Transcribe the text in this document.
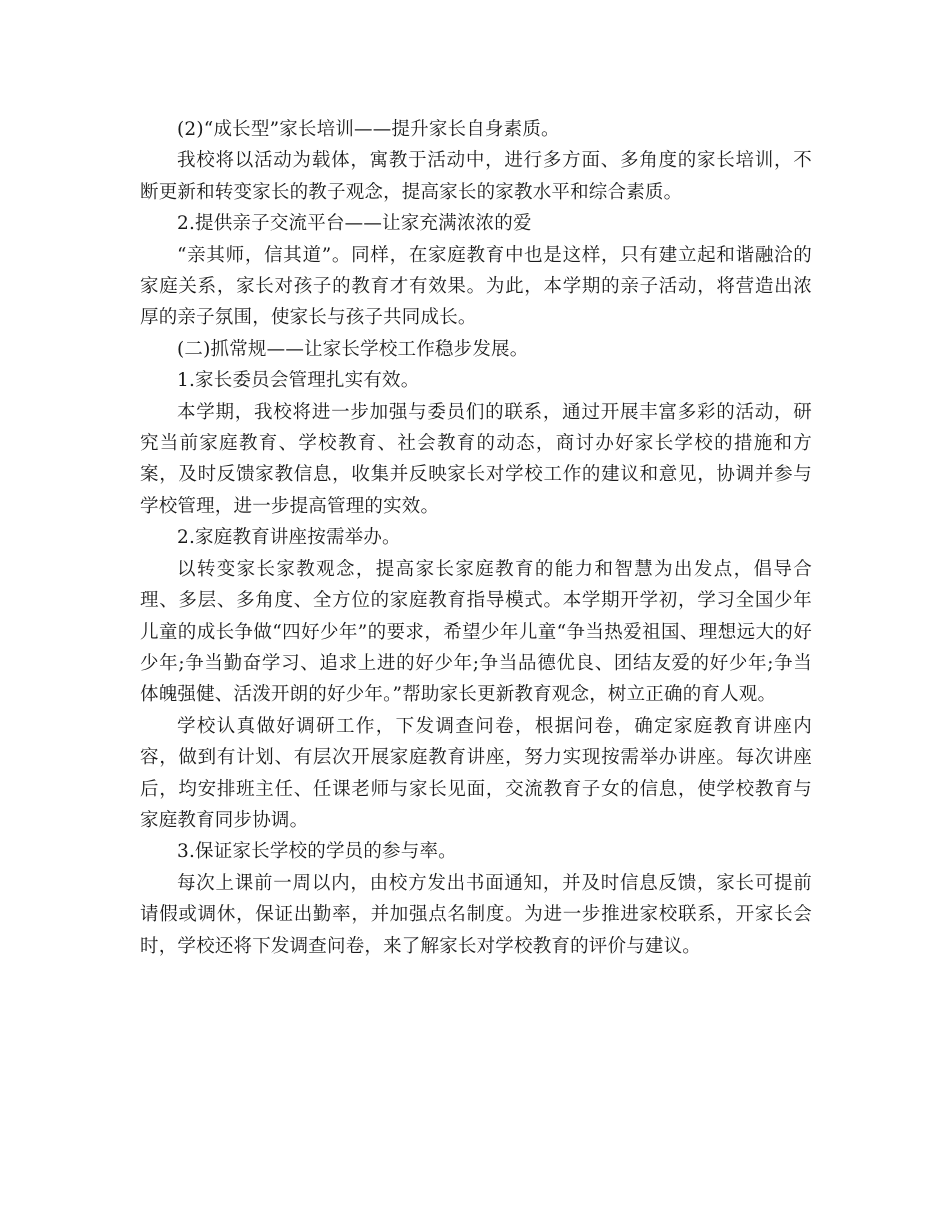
(2)“成长型”家长培训——提升家长自身素质。

我校将以活动为载体，寓教于活动中，进行多方面、多角度的家长培训，不断更新和转变家长的教子观念，提高家长的家教水平和综合素质。

2.提供亲子交流平台——让家充满浓浓的爱

“亲其师，信其道”。同样，在家庭教育中也是这样，只有建立起和谐融洽的家庭关系，家长对孩子的教育才有效果。为此，本学期的亲子活动，将营造出浓厚的亲子氛围，使家长与孩子共同成长。

(二)抓常规——让家长学校工作稳步发展。

1.家长委员会管理扎实有效。

本学期，我校将进一步加强与委员们的联系，通过开展丰富多彩的活动，研究当前家庭教育、学校教育、社会教育的动态，商讨办好家长学校的措施和方案，及时反馈家教信息，收集并反映家长对学校工作的建议和意见，协调并参与学校管理，进一步提高管理的实效。

2.家庭教育讲座按需举办。

以转变家长家教观念，提高家长家庭教育的能力和智慧为出发点，倡导合理、多层、多角度、全方位的家庭教育指导模式。本学期开学初，学习全国少年儿童的成长争做“四好少年”的要求，希望少年儿童“争当热爱祖国、理想远大的好少年;争当勤奋学习、追求上进的好少年;争当品德优良、团结友爱的好少年;争当体魄强健、活泼开朗的好少年。”帮助家长更新教育观念，树立正确的育人观。

学校认真做好调研工作，下发调查问卷，根据问卷，确定家庭教育讲座内容，做到有计划、有层次开展家庭教育讲座，努力实现按需举办讲座。每次讲座后，均安排班主任、任课老师与家长见面，交流教育子女的信息，使学校教育与家庭教育同步协调。

3.保证家长学校的学员的参与率。

每次上课前一周以内，由校方发出书面通知，并及时信息反馈，家长可提前请假或调休，保证出勤率，并加强点名制度。为进一步推进家校联系，开家长会时，学校还将下发调查问卷，来了解家长对学校教育的评价与建议。
